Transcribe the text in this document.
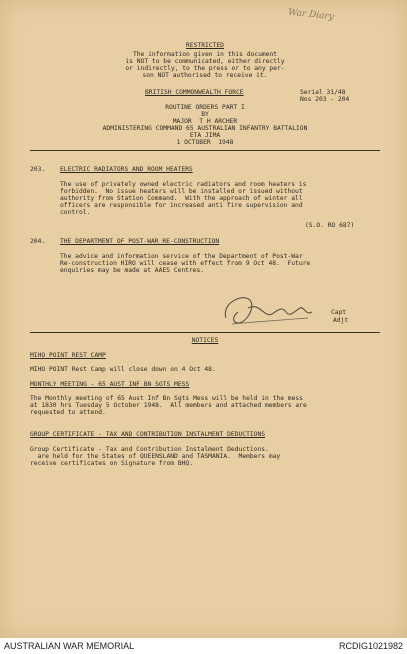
War Diary
RESTRICTED
The information given in this document
is NOT to be communicated, either directly
or indirectly, to the press or to any per-
son NOT authorised to receive it.
BRITISH COMMONWEALTH FORCE	Serial 31/48
Nos 203 - 204
ROUTINE ORDERS PART I
BY
MAJOR  T H ARCHER
ADMINISTERING COMMAND 65 AUSTRALIAN INFANTRY BATTALION
ETA JIMA
1 OCTOBER  1948
203. ELECTRIC RADIATORS AND ROOM HEATERS
The use of privately owned electric radiators and room heaters is
forbidden.  No issue heaters will be installed or issued without
authority from Station Command.  With the approach of winter all
officers are responsible for increased anti fire supervision and
control.
(S.O. RO 687)
204. THE DEPARTMENT OF POST-WAR RE-CONSTRUCTION
The advice and information service of the Department of Post-War
Re-construction HIRO will cease with effect from 9 Oct 48.  Future
enquiries may be made at AAES Centres.
Capt
Adjt
NOTICES
MIHO POINT REST CAMP
MIHO POINT Rest Camp will close down on 4 Oct 48.
MONTHLY MEETING - 65 AUST INF BN SGTS MESS
The Monthly meeting of 65 Aust Inf Bn Sgts Mess will be held in the mess
at 1830 hrs Tuesday 5 October 1948.  All members and attached members are
requested to attend.
GROUP CERTIFICATE - TAX AND CONTRIBUTION INSTALMENT DEDUCTIONS
Group Certificate - Tax and Contribution Instalment Deductions.
are held for the States of QUEENSLAND and TASMANIA.  Members may
receive certificates on Signature from BHQ.
AUSTRALIAN WAR MEMORIAL	RCDIG1021982
